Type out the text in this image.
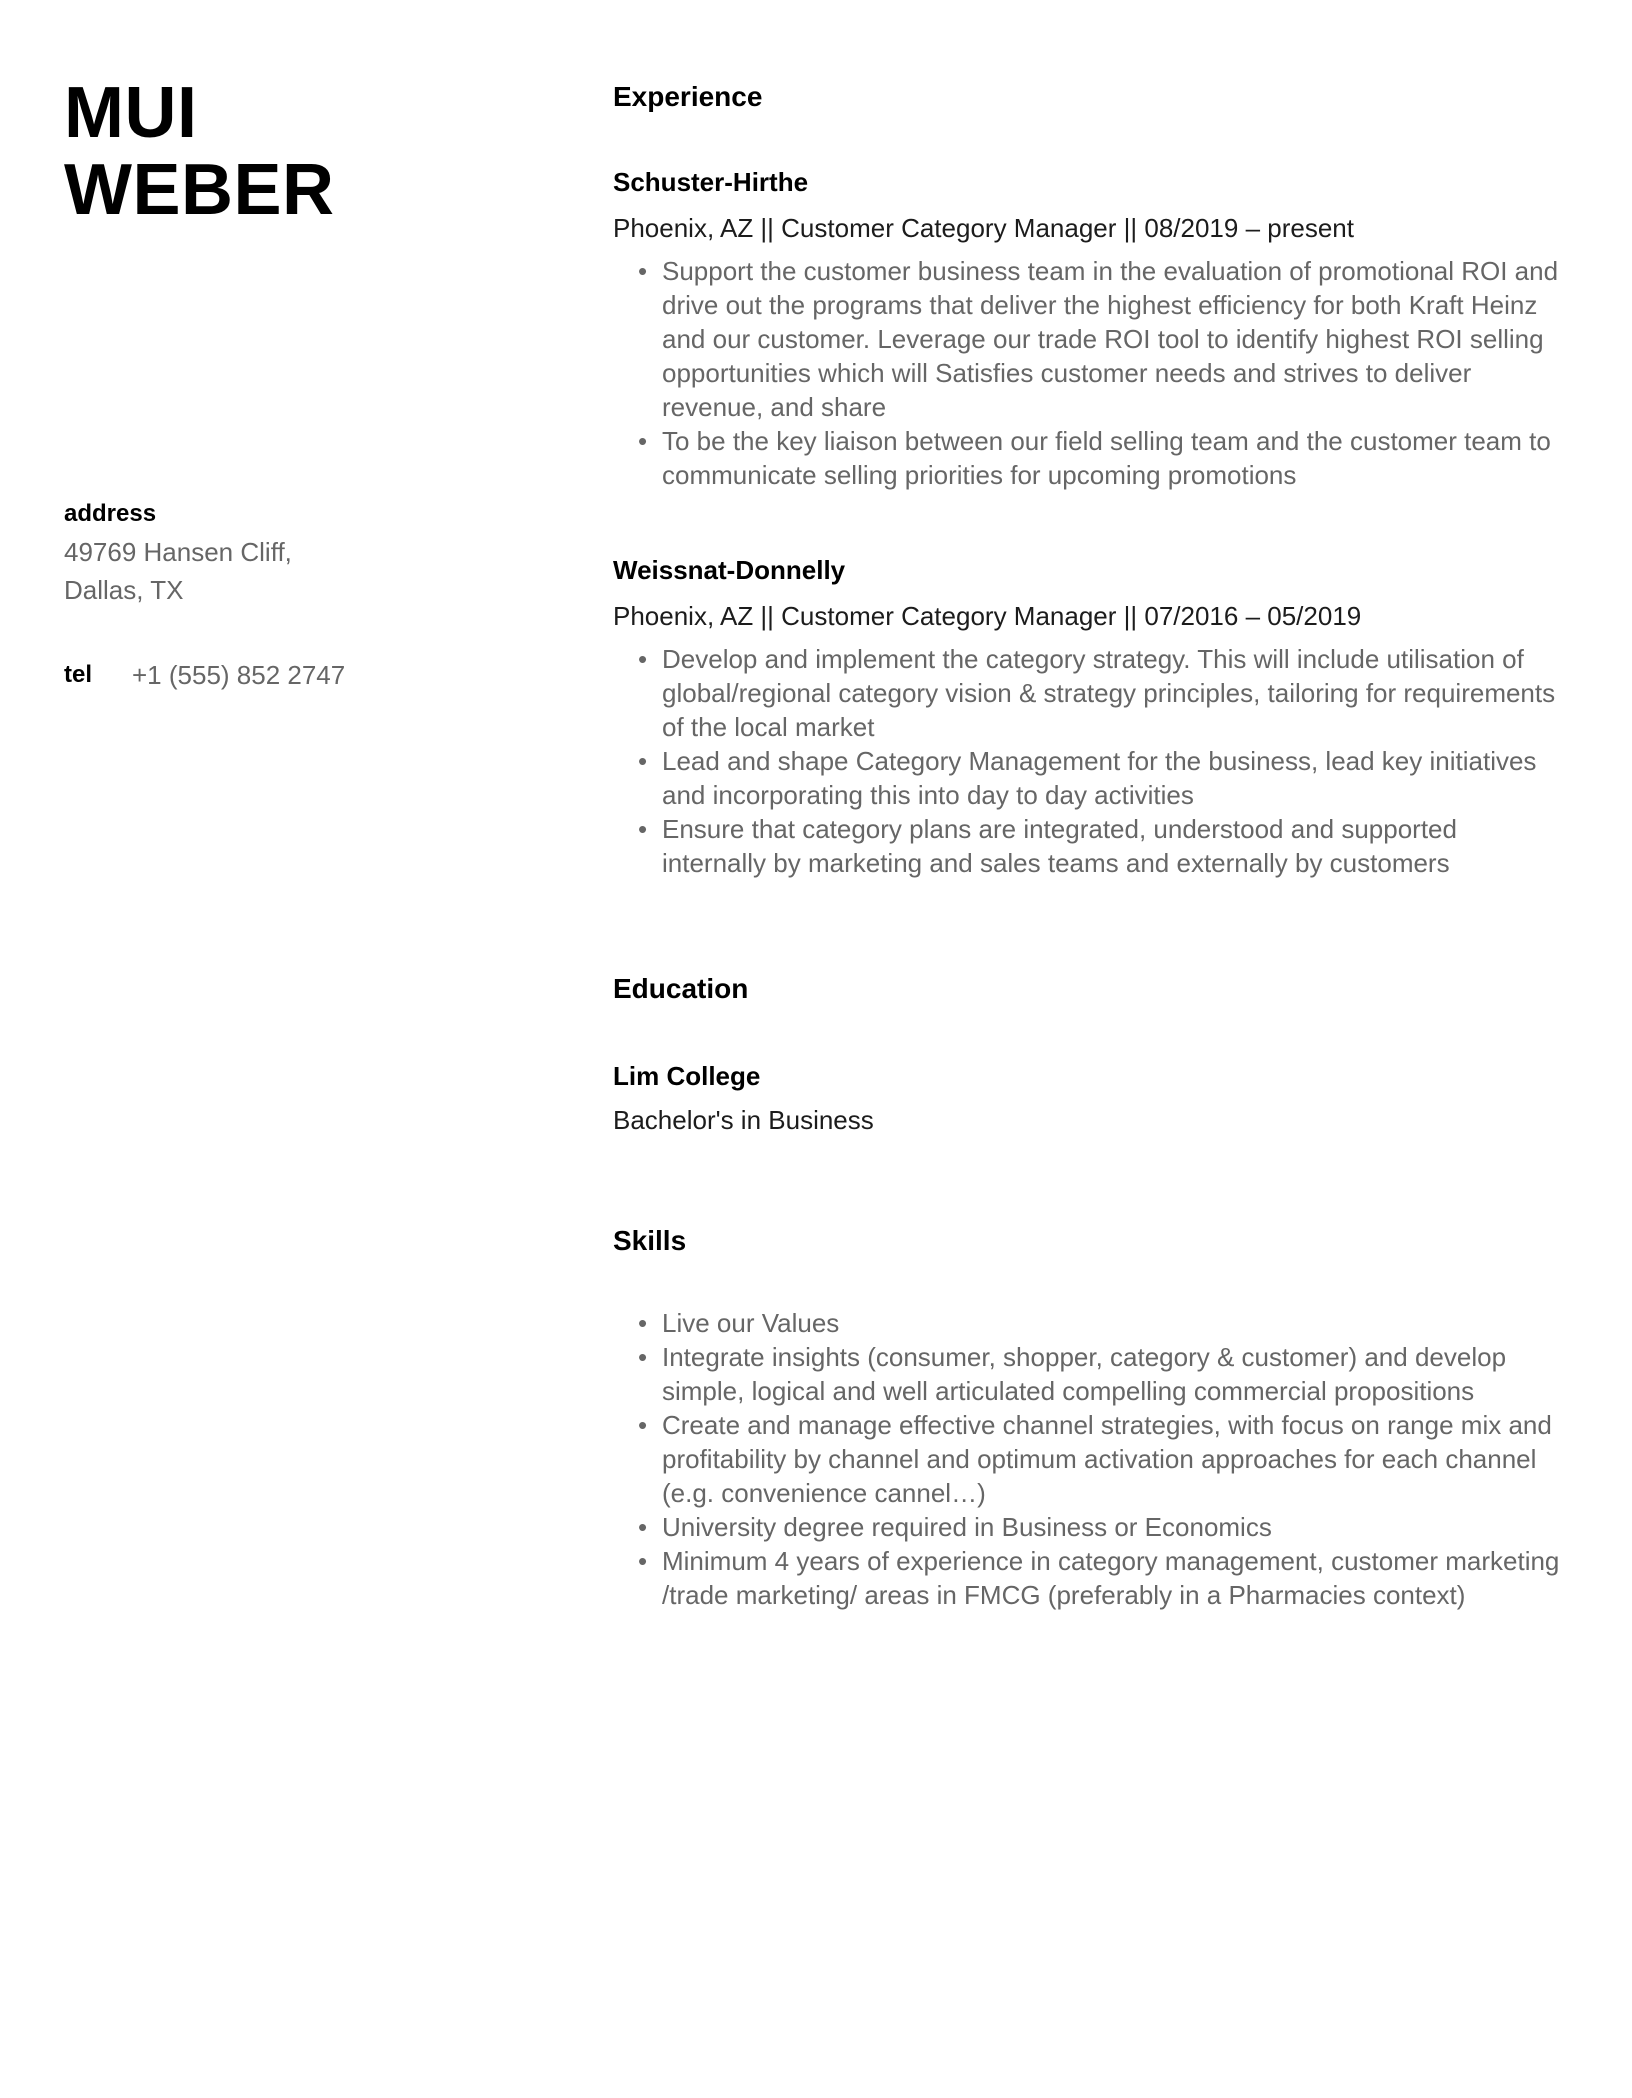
MUI
WEBER
address
49769 Hansen Cliff,
Dallas, TX
tel	+1 (555) 852 2747
Experience
Schuster-Hirthe
Phoenix, AZ || Customer Category Manager || 08/2019 – present
• Support the customer business team in the evaluation of promotional ROI and drive out the programs that deliver the highest efficiency for both Kraft Heinz and our customer. Leverage our trade ROI tool to identify highest ROI selling opportunities which will Satisfies customer needs and strives to deliver revenue, and share
• To be the key liaison between our field selling team and the customer team to communicate selling priorities for upcoming promotions
Weissnat-Donnelly
Phoenix, AZ || Customer Category Manager || 07/2016 – 05/2019
• Develop and implement the category strategy. This will include utilisation of global/regional category vision & strategy principles, tailoring for requirements of the local market
• Lead and shape Category Management for the business, lead key initiatives and incorporating this into day to day activities
• Ensure that category plans are integrated, understood and supported internally by marketing and sales teams and externally by customers
Education
Lim College
Bachelor's in Business
Skills
• Live our Values
• Integrate insights (consumer, shopper, category & customer) and develop simple, logical and well articulated compelling commercial propositions
• Create and manage effective channel strategies, with focus on range mix and profitability by channel and optimum activation approaches for each channel (e.g. convenience cannel…)
• University degree required in Business or Economics
• Minimum 4 years of experience in category management, customer marketing /trade marketing/ areas in FMCG (preferably in a Pharmacies context)
